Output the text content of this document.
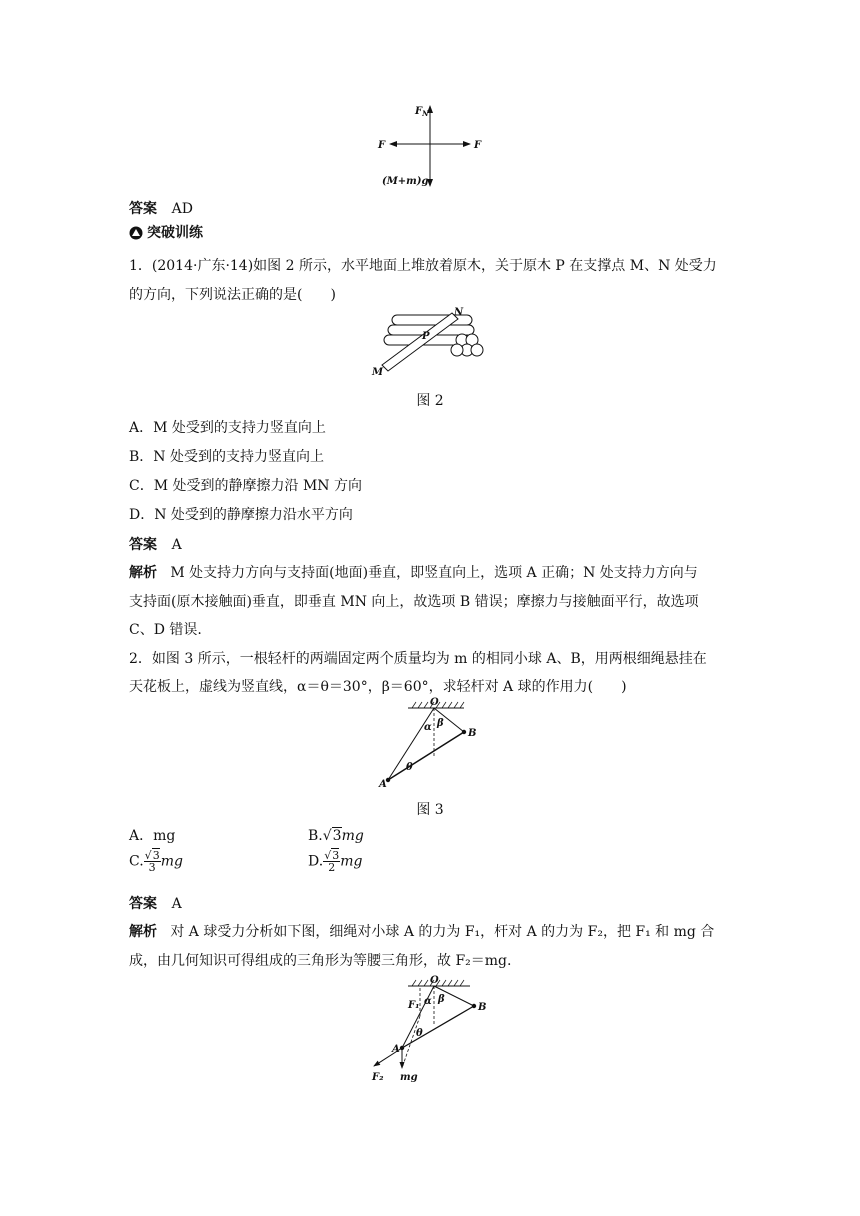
$F_N$
F	F
(M+m)g
答案 AD
突破训练
1．(2014·广东·14)如图 2 所示，水平地面上堆放着原木，关于原木 P 在支撑点 M、N 处受力
的方向，下列说法正确的是(　　)
N
P
M
图 2
A．M 处受到的支持力竖直向上
B．N 处受到的支持力竖直向上
C．M 处受到的静摩擦力沿 MN 方向
D．N 处受到的静摩擦力沿水平方向
答案 A
解析 M 处支持力方向与支持面(地面)垂直，即竖直向上，选项 A 正确；N 处支持力方向与
支持面(原木接触面)垂直，即垂直 MN 向上，故选项 B 错误；摩擦力与接触面平行，故选项
C、D 错误.
2．如图 3 所示，一根轻杆的两端固定两个质量均为 m 的相同小球 A、B，用两根细绳悬挂在
天花板上，虚线为竖直线，α＝θ＝30°，β＝60°，求轻杆对 A 球的作用力(　　)
O
α β
B
θ
A
图 3
A．mg	B.√3mg
C. $\frac{√3}{3}$ mg	D. $\frac{√3}{2}$ mg
答案 A
解析 对 A 球受力分析如下图，细绳对小球 A 的力为 F₁，杆对 A 的力为 F₂，把 F₁ 和 mg 合
成，由几何知识可得组成的三角形为等腰三角形，故 F₂＝mg.
O
F₁ α β
B
θ
A
F₂ mg
